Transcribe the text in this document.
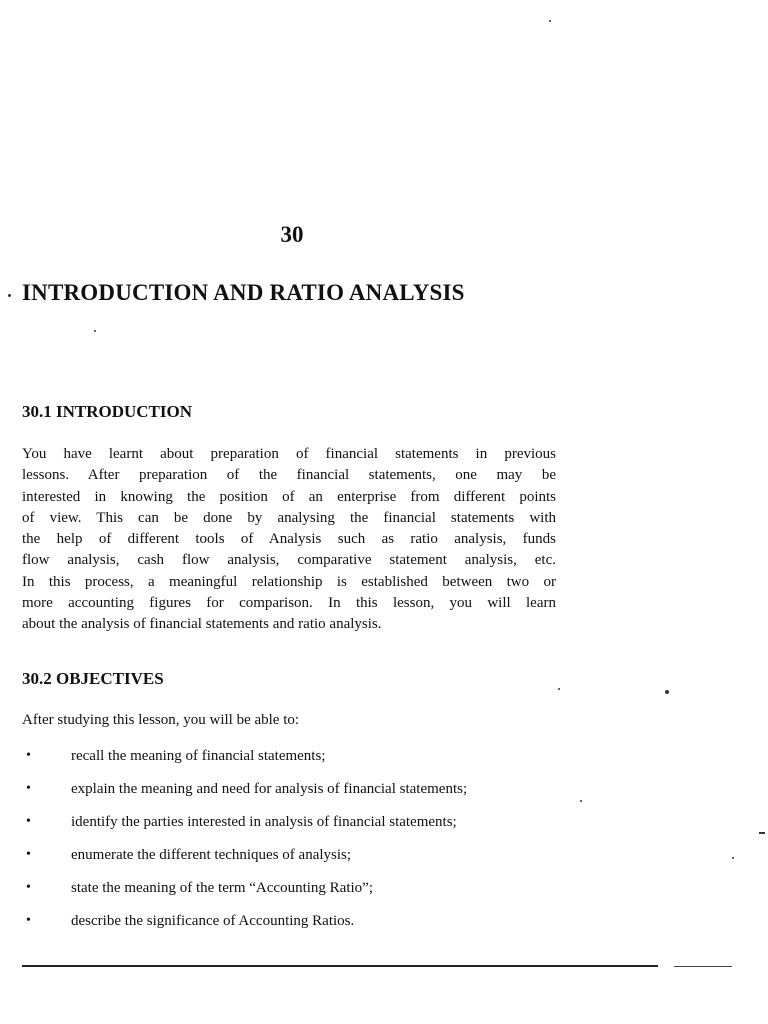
30
INTRODUCTION AND RATIO ANALYSIS
30.1 INTRODUCTION

You have learnt about preparation of financial statements in previous
lessons. After preparation of the financial statements, one may be
interested in knowing the position of an enterprise from different points
of view. This can be done by analysing the financial statements with
the help of different tools of Analysis such as ratio analysis, funds
flow analysis, cash flow analysis, comparative statement analysis, etc.
In this process, a meaningful relationship is established between two or
more accounting figures for comparison. In this lesson, you will learn
about the analysis of financial statements and ratio analysis.

30.2 OBJECTIVES

After studying this lesson, you will be able to:

•	recall the meaning of financial statements;
•	explain the meaning and need for analysis of financial statements;
•	identify the parties interested in analysis of financial statements;
•	enumerate the different techniques of analysis;
•	state the meaning of the term “Accounting Ratio”;
•	describe the significance of Accounting Ratios.
